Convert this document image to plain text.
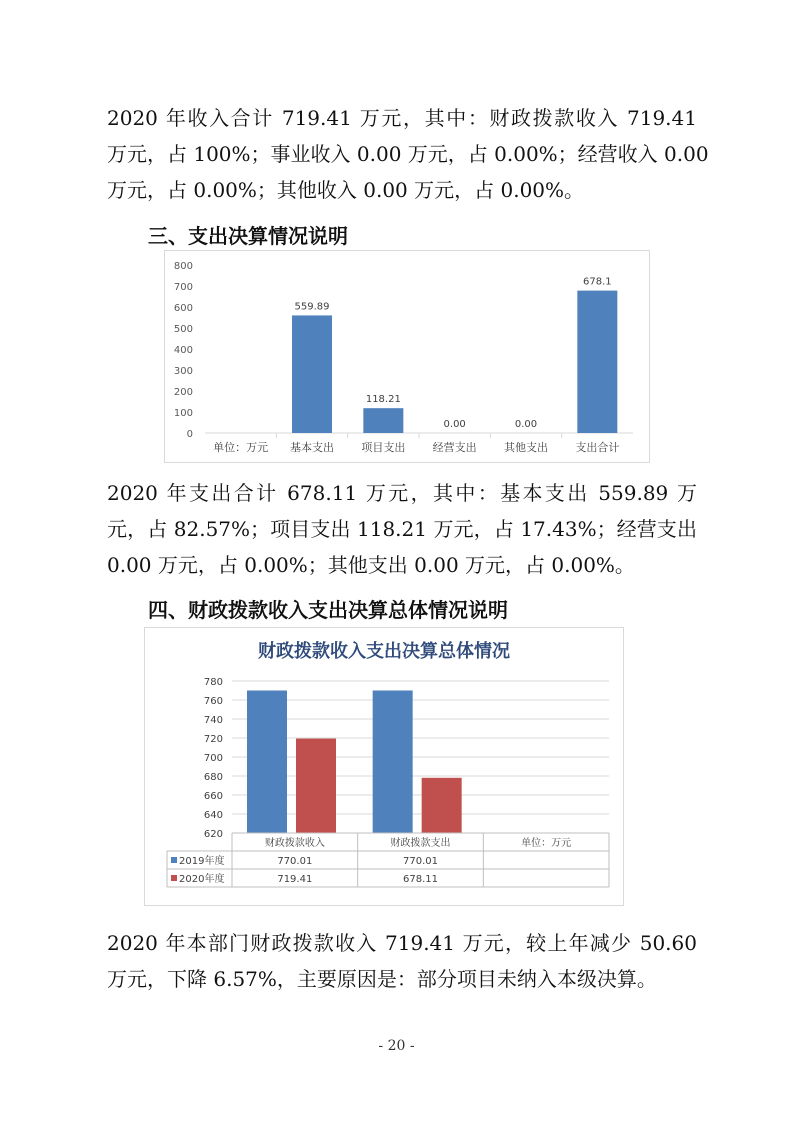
2020 年收入合计 719.41 万元，其中：财政拨款收入 719.41
万元，占 100%；事业收入 0.00 万元，占 0.00%；经营收入 0.00
万元，占 0.00%；其他收入 0.00 万元，占 0.00%。
三、支出决算情况说明
0
100
200
300
400
500
600
700
800
单位：万元 基本支出
559.89
项目支出
118.21
经营支出
0.00
其他支出
0.00
支出合计
678.1
2020 年支出合计 678.11 万元，其中：基本支出 559.89 万
元，占 82.57%；项目支出 118.21 万元，占 17.43%；经营支出
0.00 万元，占 0.00%；其他支出 0.00 万元，占 0.00%。
四、财政拨款收入支出决算总体情况说明
财政拨款收入支出决算总体情况
620
640
660
680
700
720
740
760
780
财政拨款收入	财政拨款支出	单位：万元
2019年度	770.01	770.01
2020年度	719.41	678.11
2020 年本部门财政拨款收入 719.41 万元，较上年减少 50.60
万元，下降 6.57%，主要原因是：部分项目未纳入本级决算。
- 20 -
